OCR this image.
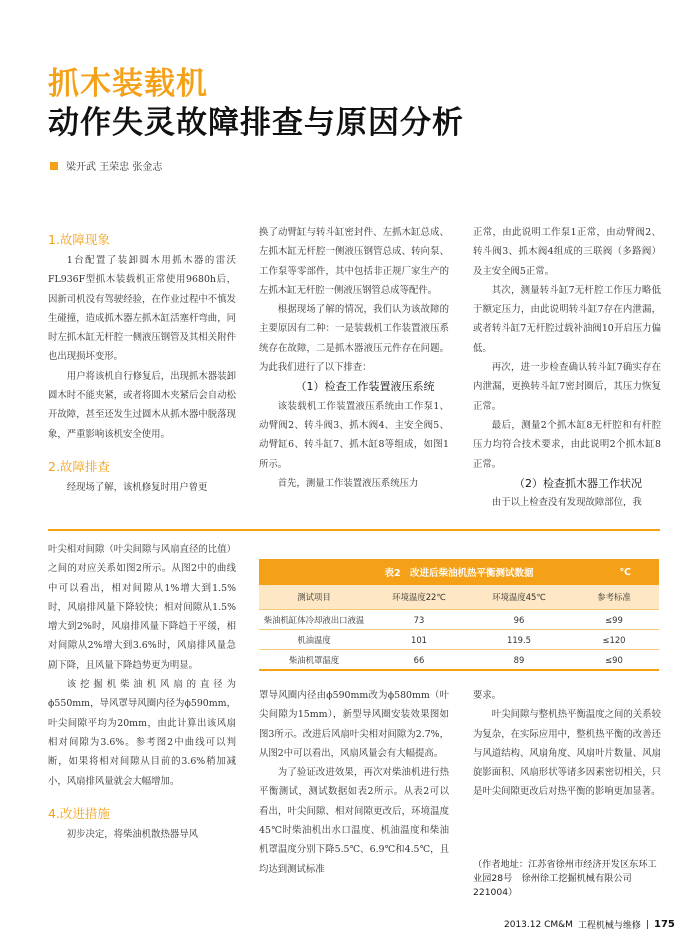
抓木装载机
动作失灵故障排查与原因分析
梁开武 王荣忠 张金志
1.故障现象

1台配置了装卸圆木用抓木器的雷沃FL936F型抓木装载机正常使用9680h后，因新司机没有驾驶经验，在作业过程中不慎发生碰撞，造成抓木器左抓木缸活塞杆弯曲，同时左抓木缸无杆腔一侧液压钢管及其相关附件也出现损坏变形。

用户将该机自行修复后，出现抓木器装卸圆木时不能夹紧，或者将圆木夹紧后会自动松开故障，甚至还发生过圆木从抓木器中脱落现象，严重影响该机安全使用。

2.故障排查

经现场了解，该机修复时用户曾更

换了动臂缸与转斗缸密封件、左抓木缸总成、左抓木缸无杆腔一侧液压钢管总成、转向泵、工作泵等零部件，其中包括非正规厂家生产的左抓木缸无杆腔一侧液压钢管总成等配件。

根据现场了解的情况，我们认为该故障的主要原因有二种：一是装载机工作装置液压系统存在故障，二是抓木器液压元件存在问题。为此我们进行了以下排查：

（1）检查工作装置液压系统

该装载机工作装置液压系统由工作泵1、动臂阀2、转斗阀3、抓木阀4、主安全阀5、动臂缸6、转斗缸7、抓木缸8等组成，如图1所示。

首先，测量工作装置液压系统压力

正常，由此说明工作泵1正常，由动臂阀2、转斗阀3、抓木阀4组成的三联阀（多路阀）及主安全阀5正常。

其次，测量转斗缸7无杆腔工作压力略低于额定压力，由此说明转斗缸7存在内泄漏，或者转斗缸7无杆腔过载补油阀10开启压力偏低。

再次，进一步检查确认转斗缸7确实存在内泄漏，更换转斗缸7密封圈后，其压力恢复正常。

最后，测量2个抓木缸8无杆腔和有杆腔压力均符合技术要求，由此说明2个抓木缸8正常。

（2）检查抓木器工作状况

由于以上检查没有发现故障部位，我

叶尖相对间隙（叶尖间隙与风扇直径的比值）之间的对应关系如图2所示。从图2中的曲线中可以看出，相对间隙从1%增大到1.5%时，风扇排风量下降较快；相对间隙从1.5%增大到2%时，风扇排风量下降趋于平缓，相对间隙从2%增大到3.6%时，风扇排风量急剧下降，且风量下降趋势更为明显。

该挖掘机柴油机风扇的直径为ϕ550mm，导风罩导风圈内径为ϕ590mm，叶尖间隙平均为20mm，由此计算出该风扇相对间隙为3.6%。参考图2中曲线可以判断，如果将相对间隙从目前的3.6%稍加减小，风扇排风量就会大幅增加。

4.改进措施

初步决定，将柴油机散热器导风

表2　改进后柴油机热平衡测试数据	℃
测试项目	环境温度22℃	环境温度45℃	参考标准
柴油机缸体冷却液出口液温	73	96	≤99
机油温度	101	119.5	≤120
柴油机罩温度	66	89	≤90

罩导风圈内径由ϕ590mm改为ϕ580mm（叶尖间隙为15mm），新型导风圈安装效果图如图3所示。改进后风扇叶尖相对间隙为2.7%，从图2中可以看出，风扇风量会有大幅提高。

为了验证改进效果，再次对柴油机进行热平衡测试，测试数据如表2所示。从表2可以看出，叶尖间隙、相对间隙更改后，环境温度45℃时柴油机出水口温度、机油温度和柴油机罩温度分别下降5.5℃、6.9℃和4.5℃，且均达到测试标准

要求。

叶尖间隙与整机热平衡温度之间的关系较为复杂，在实际应用中，整机热平衡的改善还与风道结构、风扇角度、风扇叶片数量、风扇旋影面积、风扇形状等诸多因素密切相关，只是叶尖间隙更改后对热平衡的影响更加显著。

（作者地址：江苏省徐州市经济开发区东环工业园28号　徐州徐工挖掘机械有限公司　221004）
2013.12 CM&M 工程机械与维修 | 175
